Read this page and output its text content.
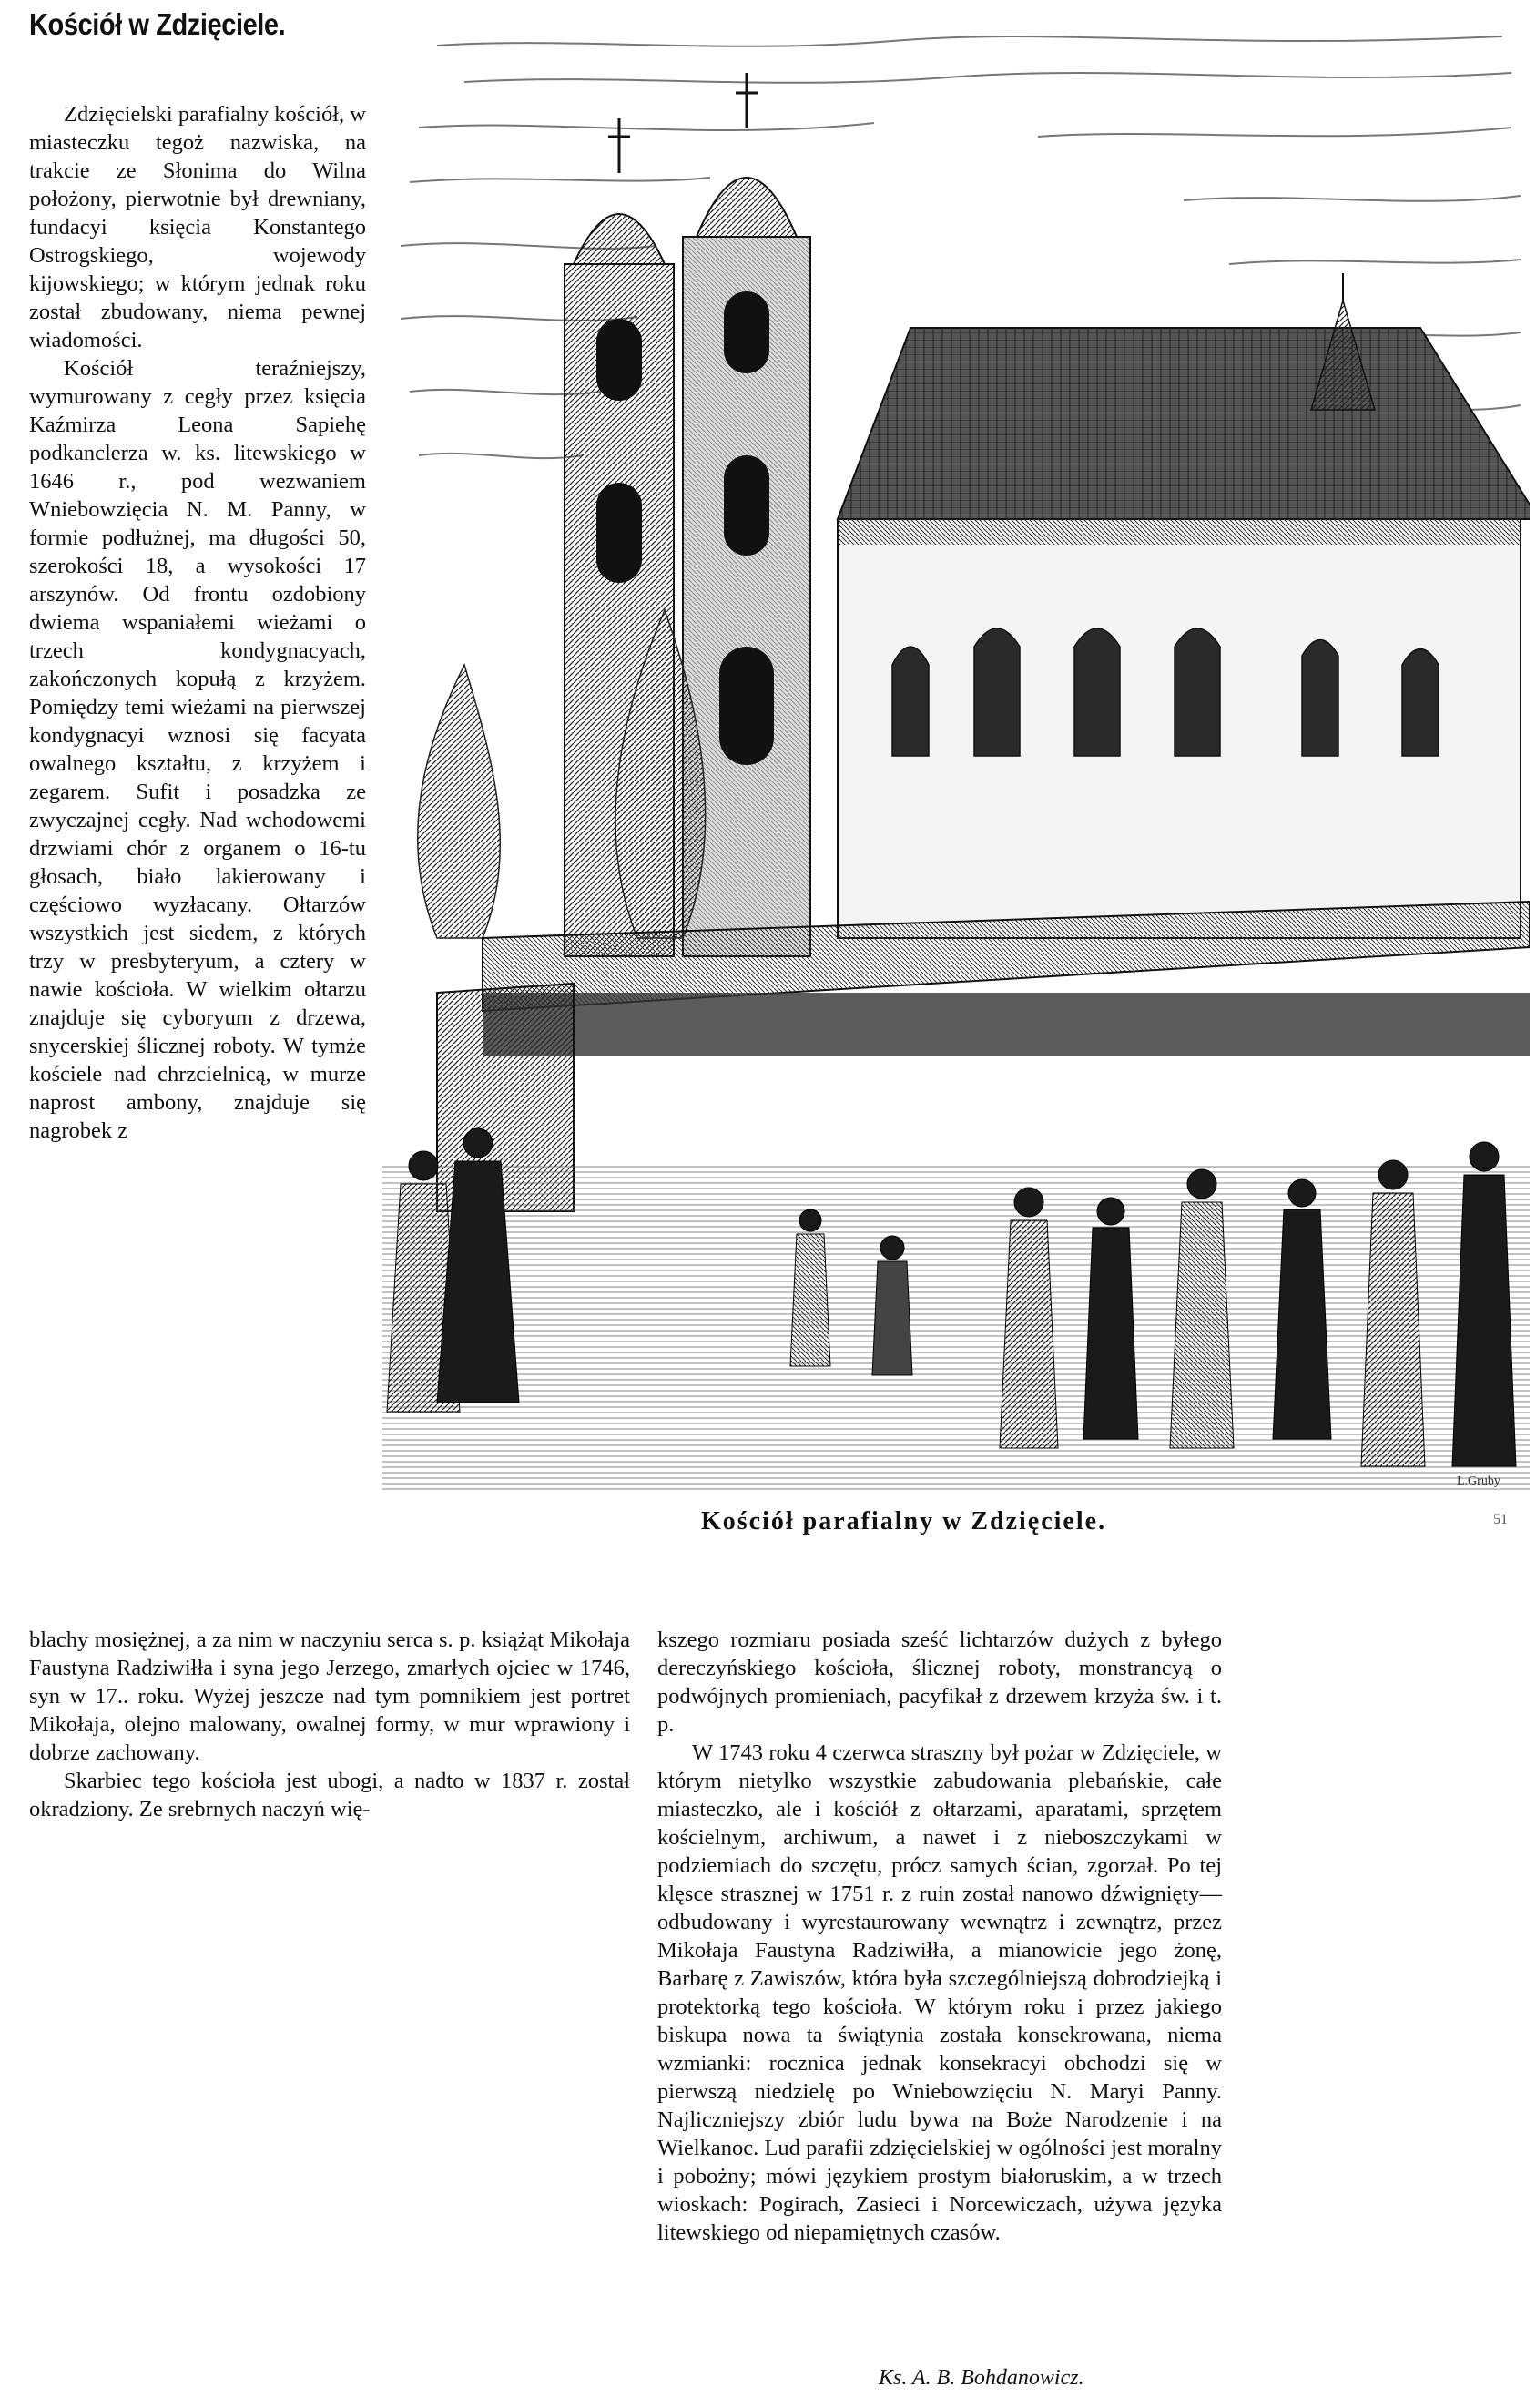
Kościół w Zdzięciele.

Zdzięcielski parafialny kościół, w miasteczku tegoż nazwiska, na trakcie ze Słonima do Wilna położony, pierwotnie był drewniany, fundacyi księcia Konstantego Ostrogskiego, wojewody kijowskiego; w którym jednak roku został zbudowany, niema pewnej wiadomości.

Kościół teraźniejszy, wymurowany z cegły przez księcia Kaźmirza Leona Sapiehę podkanclerza w. ks. litewskiego w 1646 r., pod wezwaniem Wniebowzięcia N. M. Panny, w formie podłużnej, ma długości 50, szerokości 18, a wysokości 17 arszynów. Od frontu ozdobiony dwiema wspaniałemi wieżami o trzech kondygnacyach, zakończonych kopułą z krzyżem. Pomiędzy temi wieżami na pierwszej kondygnacyi wznosi się facyata owalnego kształtu, z krzyżem i zegarem. Sufit i posadzka ze zwyczajnej cegły. Nad wchodowemi drzwiami chór z organem o 16-tu głosach, biało lakierowany i częściowo wyzłacany. Ołtarzów wszystkich jest siedem, z których trzy w presbyteryum, a cztery w nawie kościoła. W wielkim ołtarzu znajduje się cyboryum z drzewa, snycerskiej ślicznej roboty. W tymże kościele nad chrzcielnicą, w murze naprost ambony, znajduje się nagrobek z

L.Gruby
Kościół parafialny w Zdzięciele.	51

blachy mosiężnej, a za nim w naczyniu serca s. p. książąt Mikołaja Faustyna Radziwiłła i syna jego Jerzego, zmarłych ojciec w 1746, syn w 17.. roku. Wyżej jeszcze nad tym pomnikiem jest portret Mikołaja, olejno malowany, owalnej formy, w mur wprawiony i dobrze zachowany.

Skarbiec tego kościoła jest ubogi, a nadto w 1837 r. został okradziony. Ze srebrnych naczyń wię-

kszego rozmiaru posiada sześć lichtarzów dużych z byłego dereczyńskiego kościoła, ślicznej roboty, monstrancyą o podwójnych promieniach, pacyfikał z drzewem krzyża św. i t. p.

W 1743 roku 4 czerwca straszny był pożar w Zdzięciele, w którym nietylko wszystkie zabudowania plebańskie, całe miasteczko, ale i kościół z ołtarzami, aparatami, sprzętem kościelnym, archiwum, a nawet i z nieboszczykami w podziemiach do szczętu, prócz samych ścian, zgorzał. Po tej klęsce strasznej w 1751 r. z ruin został nanowo dźwignięty— odbudowany i wyrestaurowany wewnątrz i zewnątrz, przez Mikołaja Faustyna Radziwiłła, a mianowicie jego żonę, Barbarę z Zawiszów, która była szczególniejszą dobrodziejką i protektorką tego kościoła. W którym roku i przez jakiego biskupa nowa ta świątynia została konsekrowana, niema wzmianki: rocznica jednak konsekracyi obchodzi się w pierwszą niedzielę po Wniebowzięciu N. Maryi Panny. Najliczniejszy zbiór ludu bywa na Boże Narodzenie i na Wielkanoc. Lud parafii zdzięcielskiej w ogólności jest moralny i pobożny; mówi językiem prostym białoruskim, a w trzech wioskach: Pogirach, Zasieci i Norcewiczach, używa języka litewskiego od niepamiętnych czasów.

Ks. A. B. Bohdanowicz.
